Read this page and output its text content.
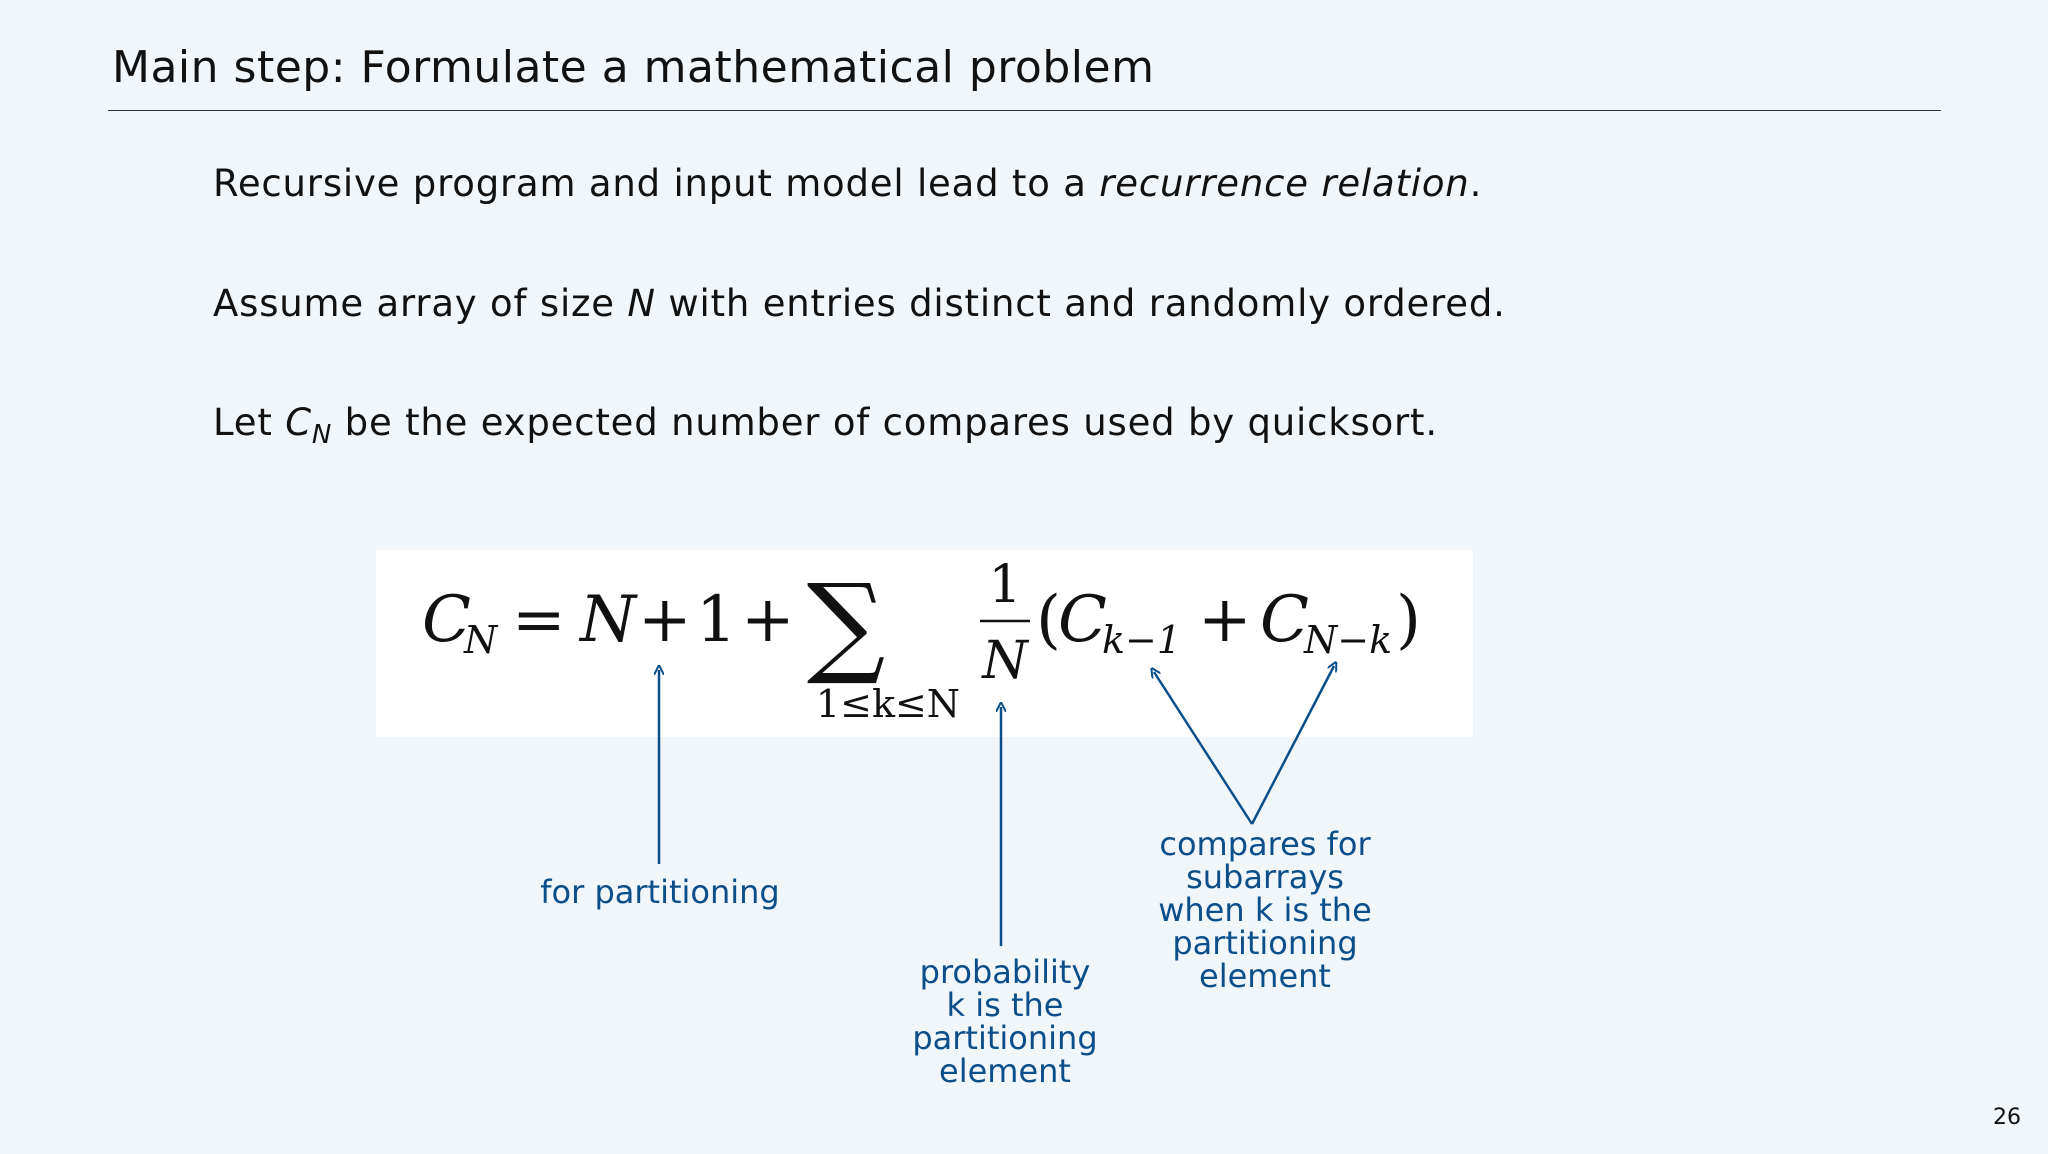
Main step: Formulate a mathematical problem

Recursive program and input model lead to a recurrence relation.

Assume array of size N with entries distinct and randomly ordered.

Let $C_N$ be the expected number of compares used by quicksort.

C
N = N + 1 + ∑
1≤k≤N
1
N
(
C
k−1 + C
N−k )
for partitioning
probability
k is the
partitioning
element
compares for
subarrays
when k is the
partitioning
element
26
